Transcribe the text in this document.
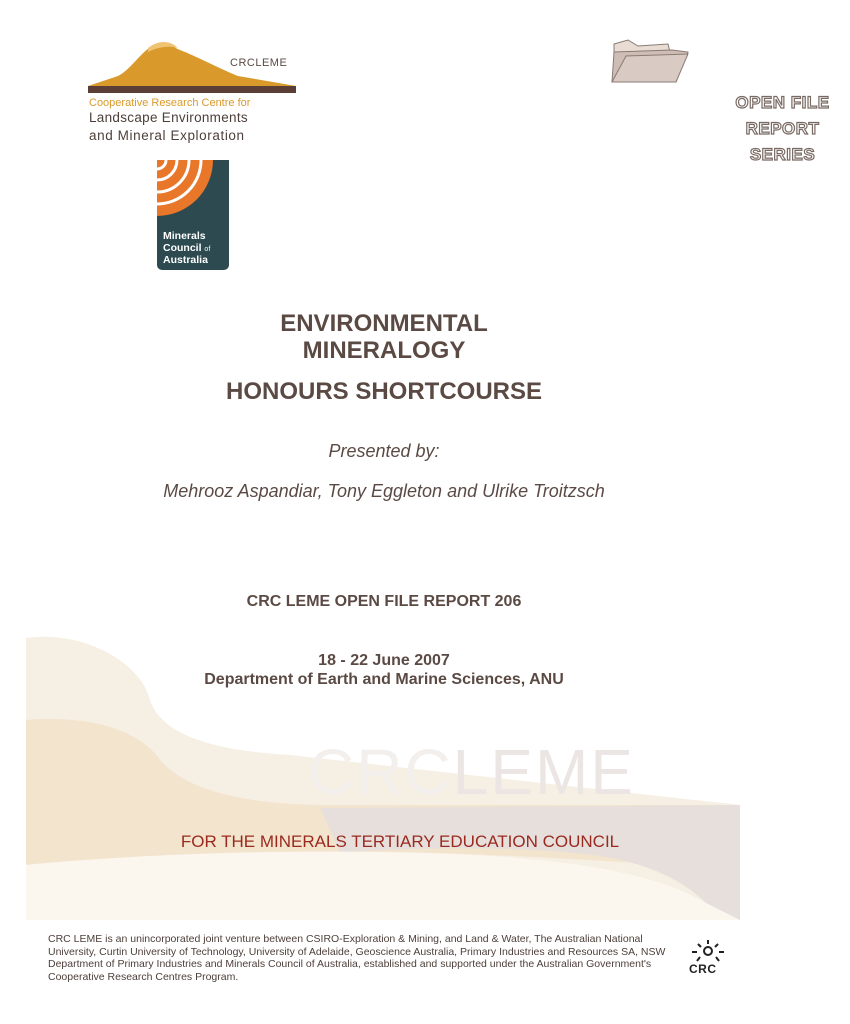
CRCLEME
Cooperative Research Centre for
Landscape Environments
and Mineral Exploration
Minerals
Council of
Australia
OPEN FILE
REPORT
SERIES
ENVIRONMENTAL
MINERALOGY
HONOURS SHORTCOURSE
Presented by:
Mehrooz Aspandiar, Tony Eggleton and Ulrike Troitzsch
CRC LEME OPEN FILE REPORT 206
18 - 22 June 2007
Department of Earth and Marine Sciences, ANU
CRCLEME
FOR THE MINERALS TERTIARY EDUCATION COUNCIL
CRC LEME is an unincorporated joint venture between CSIRO-Exploration & Mining, and Land & Water, The Australian National University, Curtin University of Technology, University of Adelaide, Geoscience Australia, Primary Industries and Resources SA, NSW Department of Primary Industries and Minerals Council of Australia, established and supported under the Australian Government's Cooperative Research Centres Program.
CRC
